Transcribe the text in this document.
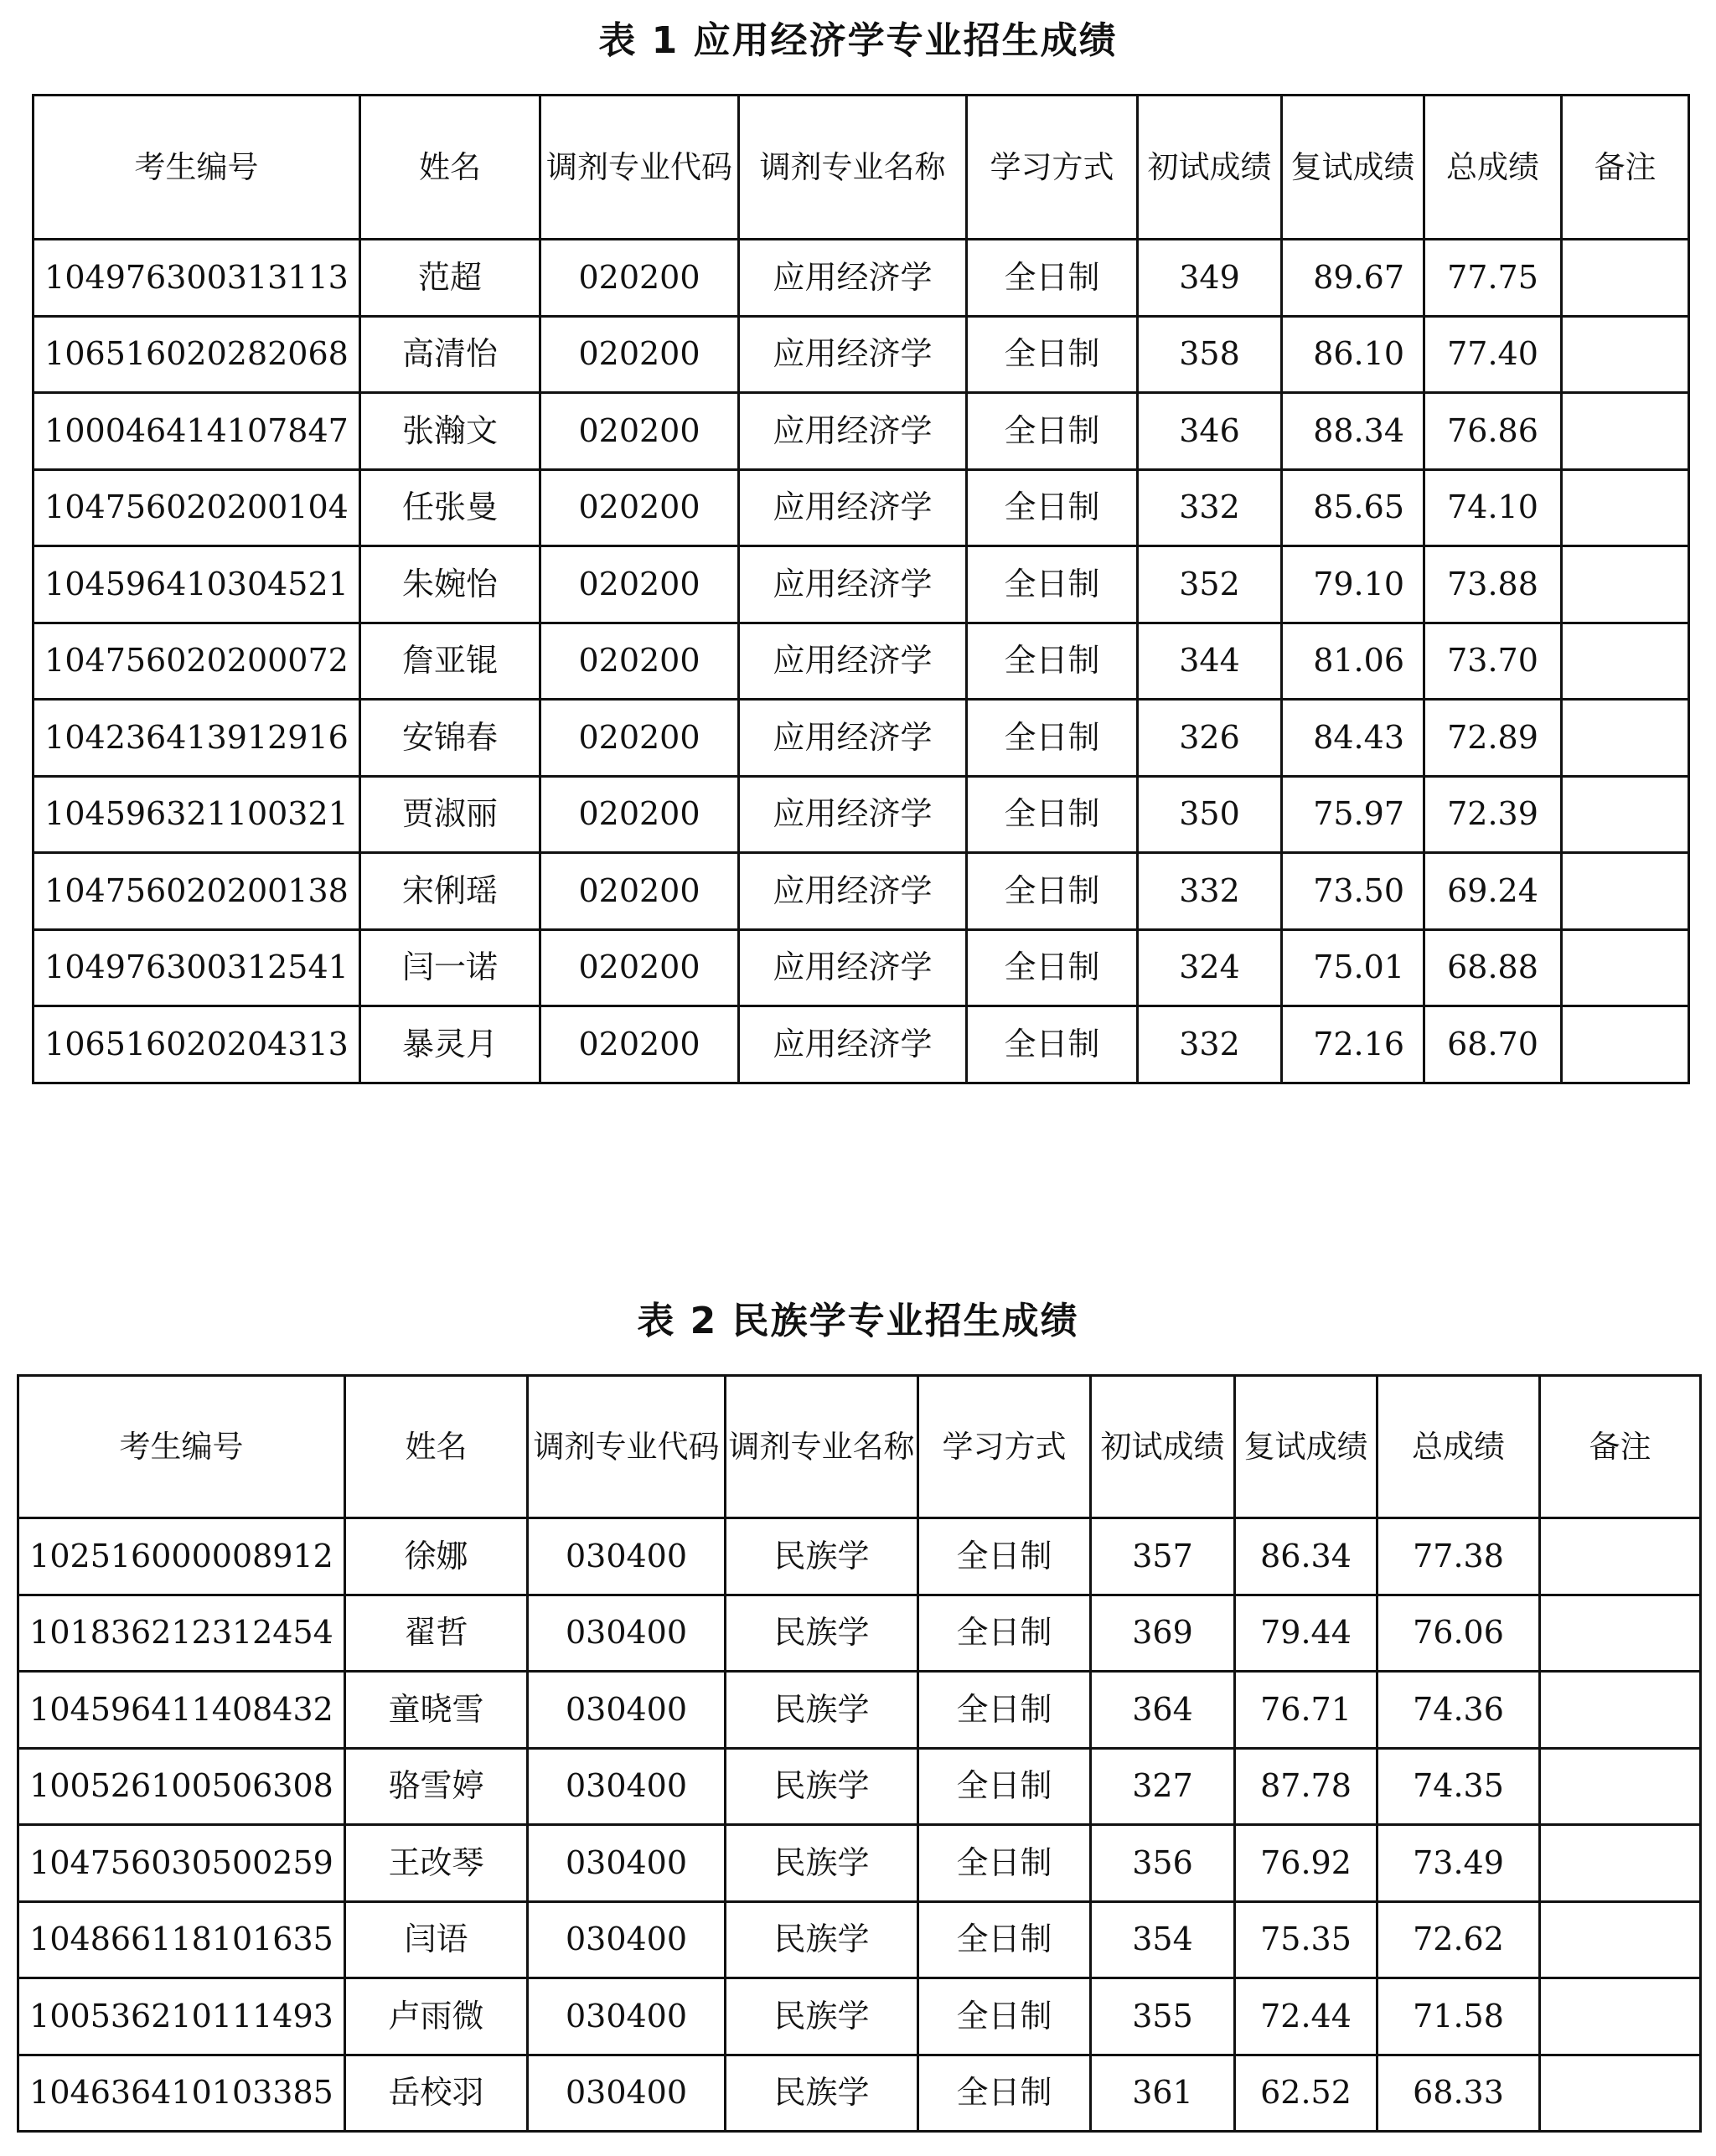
表 1 应用经济学专业招生成绩
考生编号	姓名	调剂专业代码	调剂专业名称	学习方式	初试成绩	复试成绩	总成绩	备注
104976300313113	范超	020200	应用经济学	全日制	349	89.67	77.75	
106516020282068	高清怡	020200	应用经济学	全日制	358	86.10	77.40	
100046414107847	张瀚文	020200	应用经济学	全日制	346	88.34	76.86	
104756020200104	任张曼	020200	应用经济学	全日制	332	85.65	74.10	
104596410304521	朱婉怡	020200	应用经济学	全日制	352	79.10	73.88	
104756020200072	詹亚锟	020200	应用经济学	全日制	344	81.06	73.70	
104236413912916	安锦春	020200	应用经济学	全日制	326	84.43	72.89	
104596321100321	贾淑丽	020200	应用经济学	全日制	350	75.97	72.39	
104756020200138	宋俐瑶	020200	应用经济学	全日制	332	73.50	69.24	
104976300312541	闫一诺	020200	应用经济学	全日制	324	75.01	68.88	
106516020204313	暴灵月	020200	应用经济学	全日制	332	72.16	68.70	
表 2 民族学专业招生成绩
考生编号	姓名	调剂专业代码	调剂专业名称	学习方式	初试成绩	复试成绩	总成绩	备注
102516000008912	徐娜	030400	民族学	全日制	357	86.34	77.38	
101836212312454	翟哲	030400	民族学	全日制	369	79.44	76.06	
104596411408432	童晓雪	030400	民族学	全日制	364	76.71	74.36	
100526100506308	骆雪婷	030400	民族学	全日制	327	87.78	74.35	
104756030500259	王改琴	030400	民族学	全日制	356	76.92	73.49	
104866118101635	闫语	030400	民族学	全日制	354	75.35	72.62	
100536210111493	卢雨微	030400	民族学	全日制	355	72.44	71.58	
104636410103385	岳校羽	030400	民族学	全日制	361	62.52	68.33	
